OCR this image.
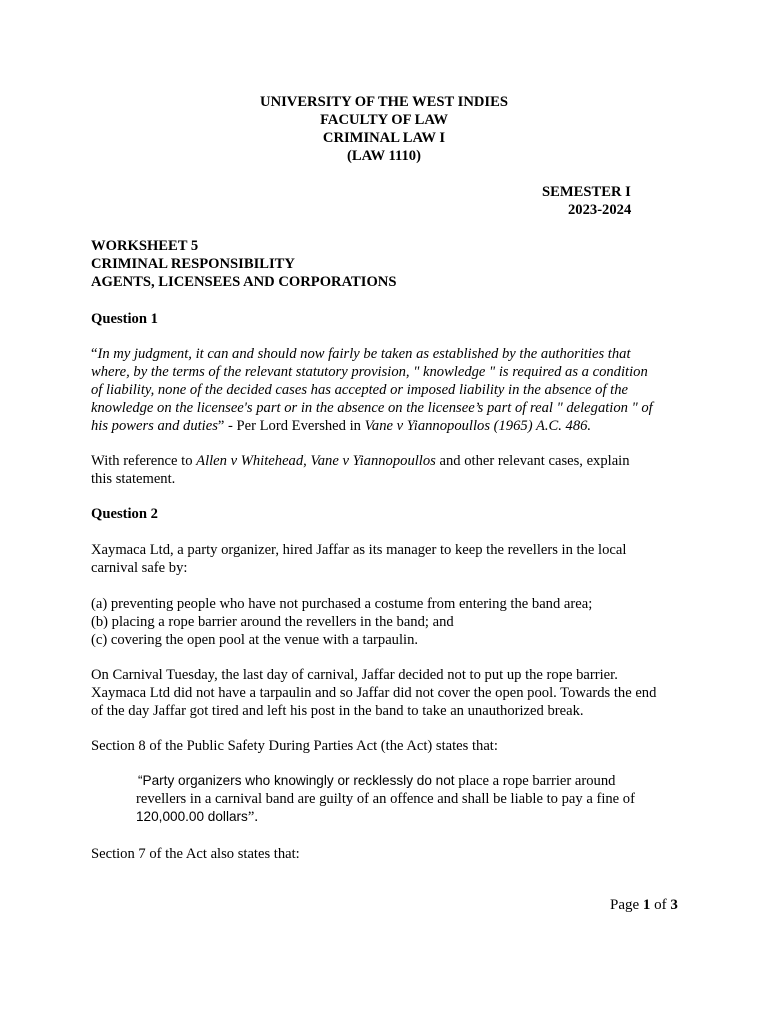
UNIVERSITY OF THE WEST INDIES
FACULTY OF LAW
CRIMINAL LAW I
(LAW 1110)
SEMESTER I
2023-2024
WORKSHEET 5
CRIMINAL RESPONSIBILITY
AGENTS, LICENSEES AND CORPORATIONS
Question 1

“In my judgment, it can and should now fairly be taken as established by the authorities that

where, by the terms of the relevant statutory provision, " knowledge " is required as a condition

of liability, none of the decided cases has accepted or imposed liability in the absence of the

knowledge on the licensee's part or in the absence on the licensee’s part of real " delegation " of

his powers and duties” - Per Lord Evershed in Vane v Yiannopoullos (1965) A.C. 486.

With reference to Allen v Whitehead, Vane v Yiannopoullos and other relevant cases, explain

this statement.

Question 2

Xaymaca Ltd, a party organizer, hired Jaffar as its manager to keep the revellers in the local

carnival safe by:

(a) preventing people who have not purchased a costume from entering the band area;

(b) placing a rope barrier around the revellers in the band; and

(c) covering the open pool at the venue with a tarpaulin.

On Carnival Tuesday, the last day of carnival, Jaffar decided not to put up the rope barrier.

Xaymaca Ltd did not have a tarpaulin and so Jaffar did not cover the open pool. Towards the end

of the day Jaffar got tired and left his post in the band to take an unauthorized break.

Section 8 of the Public Safety During Parties Act (the Act) states that:

“Party organizers who knowingly or recklessly do not place a rope barrier around

revellers in a carnival band are guilty of an offence and shall be liable to pay a fine of

120,000.00 dollars”.

Section 7 of the Act also states that:
Page 1 of 3
